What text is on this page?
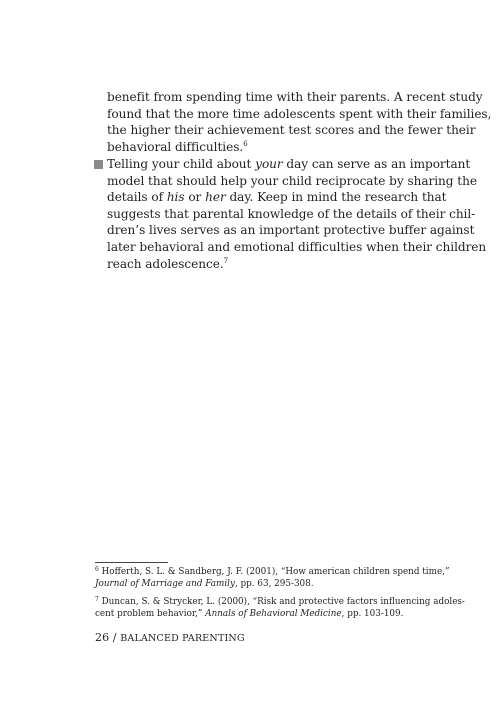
benefit from spending time with their parents. A recent study
found that the more time adolescents spent with their families,
the higher their achievement test scores and the fewer their
behavioral difficulties.$^6$
Telling your child about your day can serve as an important
model that should help your child reciprocate by sharing the
details of his or her day. Keep in mind the research that
suggests that parental knowledge of the details of their chil-
dren’s lives serves as an important protective buffer against
later behavioral and emotional difficulties when their children
reach adolescence.$^7$
$^6$ Hofferth, S. L. & Sandberg, J. F. (2001), “How american children spend time,”
Journal of Marriage and Family, pp. 63, 295-308.
$^7$ Duncan, S. & Strycker, L. (2000), “Risk and protective factors influencing adoles-
cent problem behavior,” Annals of Behavioral Medicine, pp. 103-109.
26 / BALANCED PARENTING
